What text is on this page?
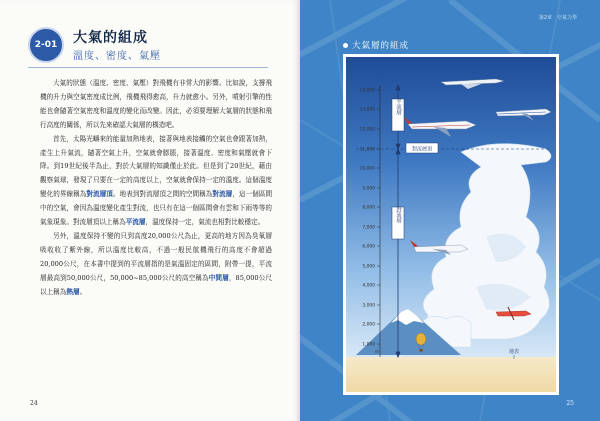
2-01	大氣的組成
溫度、密度、氣壓

大氣的狀態（溫度、密度、氣壓）對飛機有非常大的影響。比如說，支撐飛機的升力與空氣密度成比例，飛機飛得愈高，升力就愈小。另外，噴射引擎的性能也會隨著空氣密度和溫度的變化而改變。因此，必須要理解大氣層的狀態和飛行高度的關係，所以先來確認大氣層的構造吧。

首先，太陽光疇來的能量加熱地表，接著與地表接觸的空氣也會跟著加熱，產生上升氣流，隨著空氣上升，空氣就會膨脹，接著溫度、密度和氣壓就會下降。到19世紀後半為止，對於大氣層的知識僅止於此。但是到了20世紀，藉由觀察氣球，發現了只要在一定的高度以上，空氣就會保持一定的溫度。這個溫度變化的界線稱為對流層頂。地表到對流層頂之間的空間稱為對流層，這一個區間中的空氣，會因為溫度變化產生對流，也只有在這一個區間會有雲和下雨等等的氣象現象。對流層頂以上稱為平流層，溫度保持一定，氣流也相對比較穩定。

另外，溫度保持不變的只到高度20,000公尺為止，更高的地方因為臭氧層吸收收了紫外線，所以溫度比較高，不過一般民航機飛行的高度不會超過20,000公尺，在本書中提到的平流層指的是氣溫固定的區間，附帶一提，平流層最高到50,000公尺，50,000~85,000公尺的高空稱為中間層，85,000公尺以上稱為熱層。

24
第2章　空氣力學
大氣層的組成
14,000
13,000
12,000
11,000
10,000
9,000
8,000
7,000
6,000
5,000
4,000
3,000
2,000
1,000
m
平流層
對流層
對流層頂
地表
25
